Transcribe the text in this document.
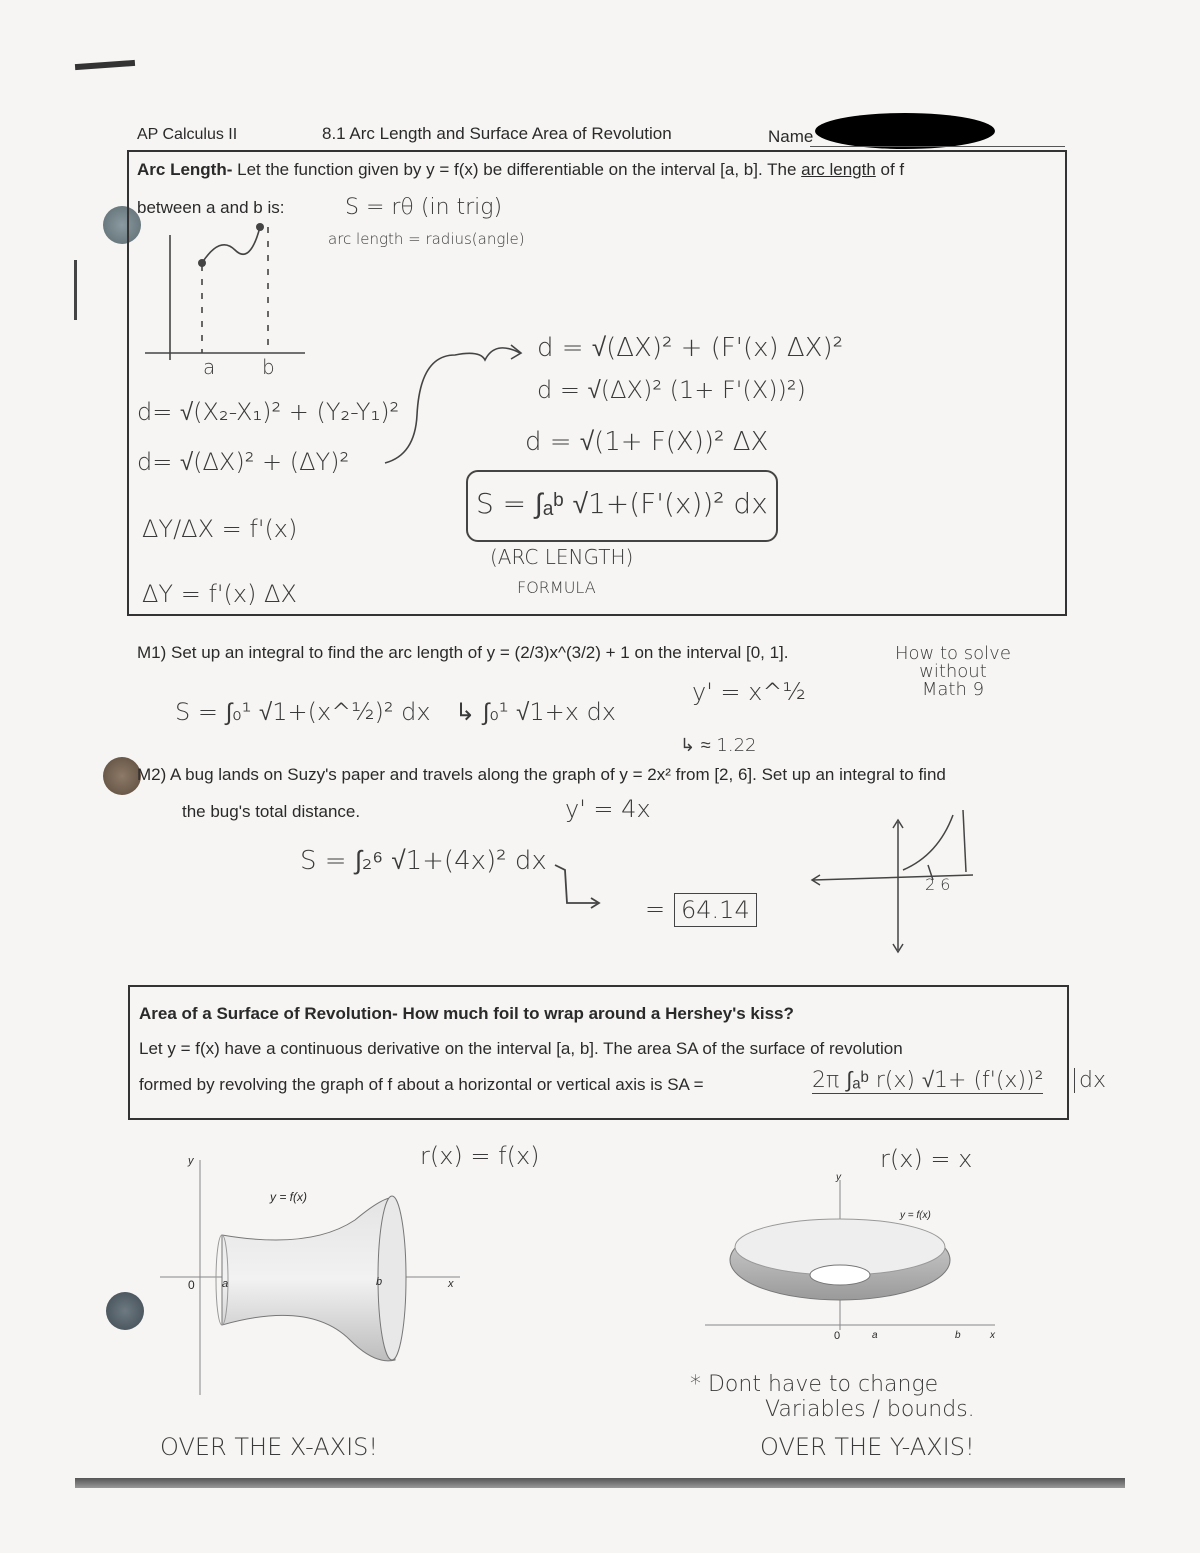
AP Calculus II	8.1 Arc Length and Surface Area of Revolution	Name
Arc Length- Let the function given by y = f(x) be differentiable on the interval [a, b]. The arc length of f
between a and b is:	S = rθ (in trig)
arc length = radius(angle)
a b
d= √(X₂-X₁)² + (Y₂-Y₁)²
d= √(ΔX)² + (ΔY)²
ΔY/ΔX = f'(x)
ΔY = f'(x) ΔX
d = √(ΔX)² + (F'(x) ΔX)²
d = √(ΔX)² (1+ F'(X))²)
d = √(1+ F(X))² ΔX
S = ∫ₐᵇ √1+(F'(x))² dx
(ARC LENGTH)
FORMULA
M1) Set up an integral to find the arc length of y = (2/3)x^(3/2) + 1 on the interval [0, 1].	How to solve
without
Math 9
S = ∫₀¹ √1+(x^½)² dx ↳ ∫₀¹ √1+x dx
y' = x^½
↳ ≈ 1.22
M2) A bug lands on Suzy's paper and travels along the graph of y = 2x² from [2, 6]. Set up an integral to find
the bug's total distance.	y' = 4x
S = ∫₂⁶ √1+(4x)² dx
= 64.14
2 6
Area of a Surface of Revolution- How much foil to wrap around a Hershey's kiss?
Let y = f(x) have a continuous derivative on the interval [a, b]. The area SA of the surface of revolution
formed by revolving the graph of f about a horizontal or vertical axis is SA =	2π ∫ₐᵇ r(x) √1+ (f'(x))² dx
r(x) = f(x)	r(x) = x
y
y = f(x)
0 a	b	x
y
y = f(x)
0	a	b	x
* Dont have to change
Variables / bounds.
OVER THE X-AXIS!	OVER THE Y-AXIS!
